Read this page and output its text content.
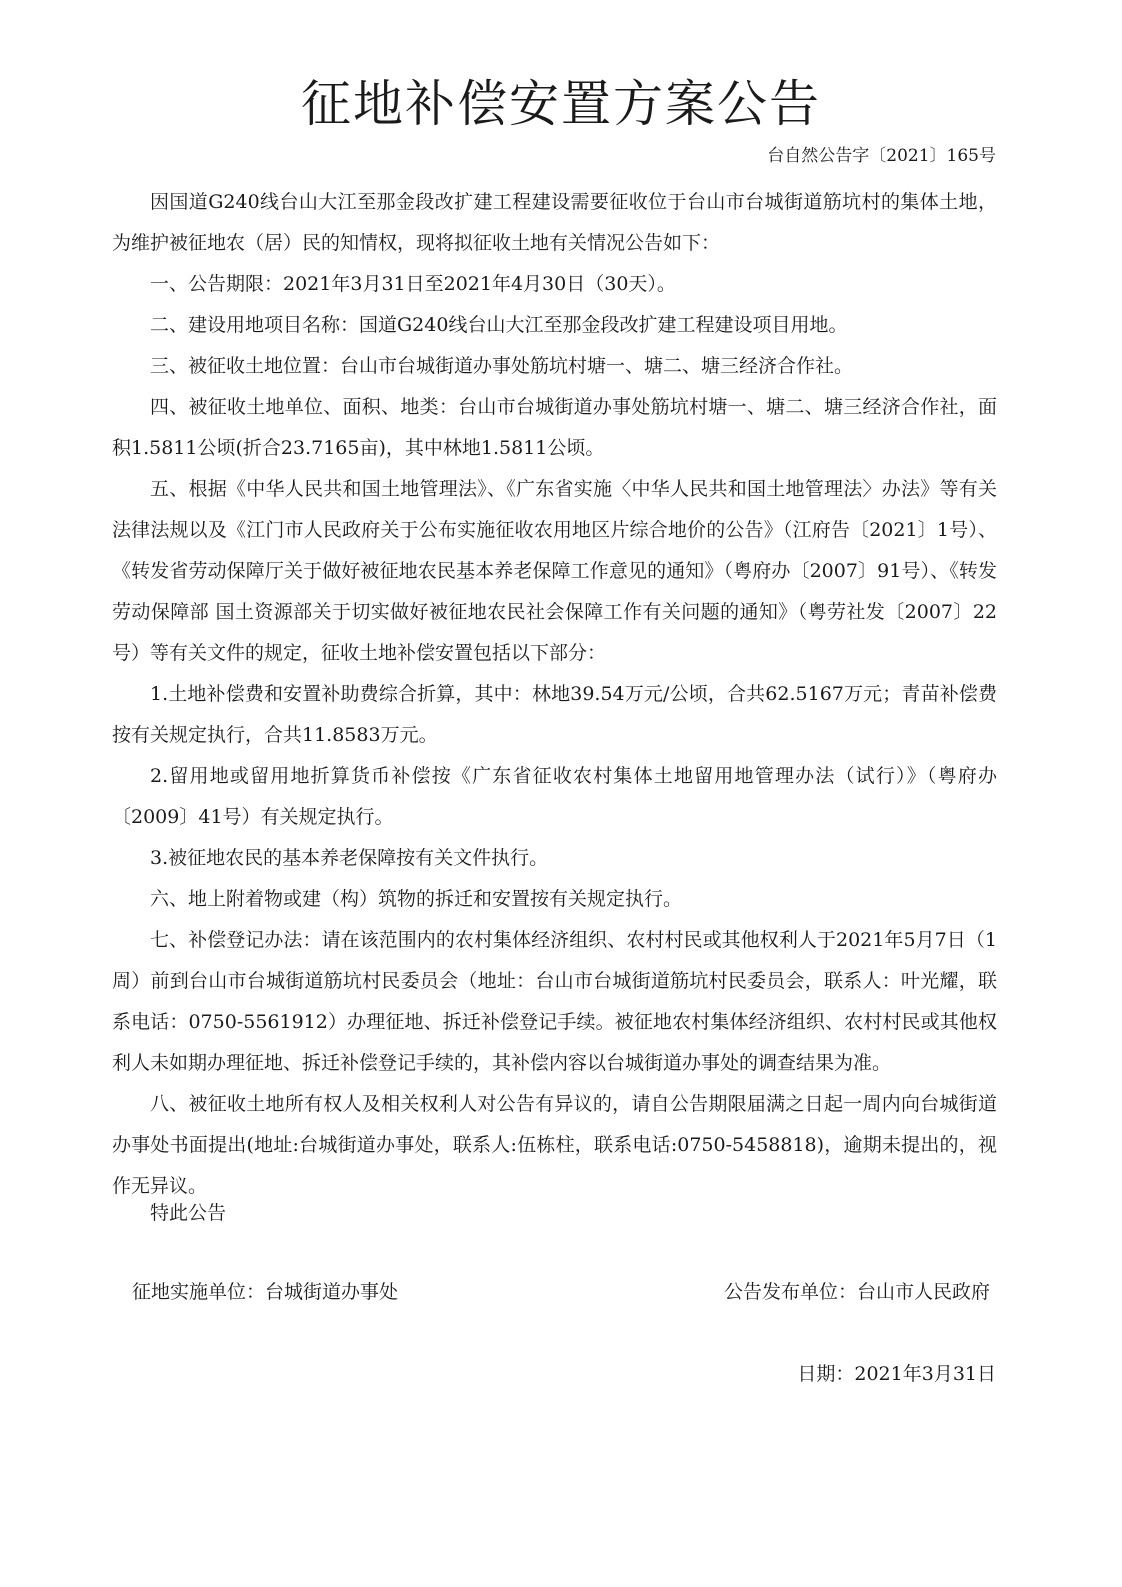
征地补偿安置方案公告
台自然公告字〔2021〕165号

因国道G240线台山大江至那金段改扩建工程建设需要征收位于台山市台城街道筋坑村的集体土地，为维护被征地农（居）民的知情权，现将拟征收土地有关情况公告如下：

一、公告期限：2021年3月31日至2021年4月30日（30天）。

二、建设用地项目名称：国道G240线台山大江至那金段改扩建工程建设项目用地。

三、被征收土地位置：台山市台城街道办事处筋坑村塘一、塘二、塘三经济合作社。

四、被征收土地单位、面积、地类：台山市台城街道办事处筋坑村塘一、塘二、塘三经济合作社，面积1.5811公顷(折合23.7165亩)，其中林地1.5811公顷。

五、根据《中华人民共和国土地管理法》、《广东省实施〈中华人民共和国土地管理法〉办法》等有关法律法规以及《江门市人民政府关于公布实施征收农用地区片综合地价的公告》（江府告〔2021〕1号）、《转发省劳动保障厅关于做好被征地农民基本养老保障工作意见的通知》（粤府办〔2007〕91号）、《转发劳动保障部 国土资源部关于切实做好被征地农民社会保障工作有关问题的通知》（粤劳社发〔2007〕22号）等有关文件的规定，征收土地补偿安置包括以下部分：

1.土地补偿费和安置补助费综合折算，其中：林地39.54万元/公顷，合共62.5167万元；青苗补偿费按有关规定执行，合共11.8583万元。

2.留用地或留用地折算货币补偿按《广东省征收农村集体土地留用地管理办法（试行）》（粤府办〔2009〕41号）有关规定执行。

3.被征地农民的基本养老保障按有关文件执行。

六、地上附着物或建（构）筑物的拆迁和安置按有关规定执行。

七、补偿登记办法：请在该范围内的农村集体经济组织、农村村民或其他权利人于2021年5月7日（1周）前到台山市台城街道筋坑村民委员会（地址：台山市台城街道筋坑村民委员会，联系人：叶光耀，联系电话：0750-5561912）办理征地、拆迁补偿登记手续。被征地农村集体经济组织、农村村民或其他权利人未如期办理征地、拆迁补偿登记手续的，其补偿内容以台城街道办事处的调查结果为准。

八、被征收土地所有权人及相关权利人对公告有异议的，请自公告期限届满之日起一周内向台城街道办事处书面提出(地址:台城街道办事处，联系人:伍栋柱，联系电话:0750-5458818)，逾期未提出的，视作无异议。

特此公告
征地实施单位：台城街道办事处	公告发布单位：台山市人民政府
日期：2021年3月31日
